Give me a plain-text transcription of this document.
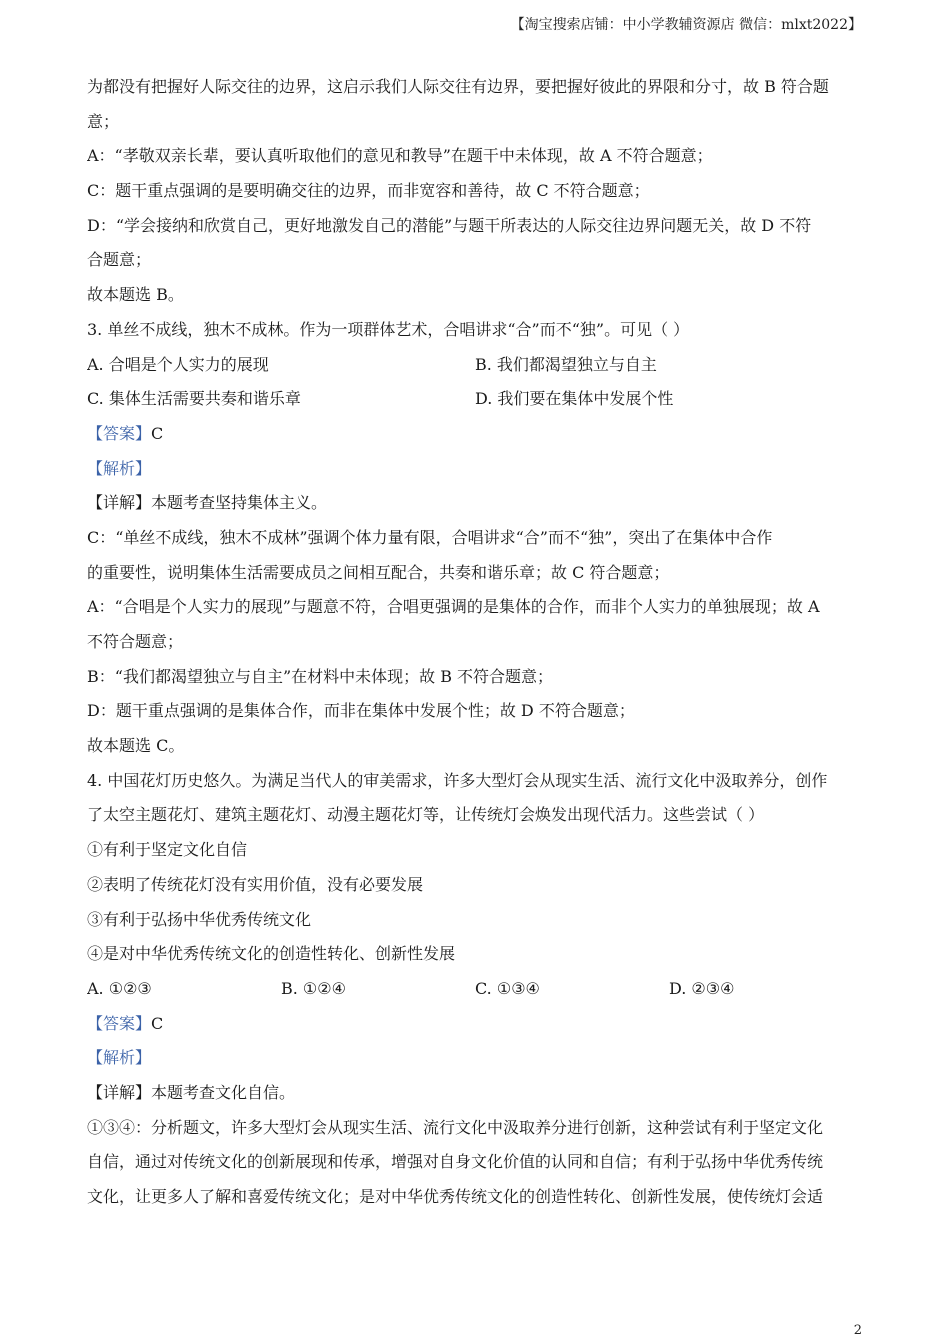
【淘宝搜索店铺：中小学教辅资源店 微信：mlxt2022】
为都没有把握好人际交往的边界，这启示我们人际交往有边界，要把握好彼此的界限和分寸，故 B 符合题
意；
A：“孝敬双亲长辈，要认真听取他们的意见和教导”在题干中未体现，故 A 不符合题意；
C：题干重点强调的是要明确交往的边界，而非宽容和善待，故 C 不符合题意；
D：“学会接纳和欣赏自己，更好地激发自己的潜能”与题干所表达的人际交往边界问题无关，故 D 不符
合题意；
故本题选 B。
3. 单丝不成线，独木不成林。作为一项群体艺术，合唱讲求“合”而不“独”。可见（ ）
A. 合唱是个人实力的展现	B. 我们都渴望独立与自主
C. 集体生活需要共奏和谐乐章	D. 我们要在集体中发展个性
【答案】C
【解析】
【详解】本题考查坚持集体主义。
C：“单丝不成线，独木不成林”强调个体力量有限，合唱讲求“合”而不“独”，突出了在集体中合作
的重要性，说明集体生活需要成员之间相互配合，共奏和谐乐章；故 C 符合题意；
A：“合唱是个人实力的展现”与题意不符，合唱更强调的是集体的合作，而非个人实力的单独展现；故 A
不符合题意；
B：“我们都渴望独立与自主”在材料中未体现；故 B 不符合题意；
D：题干重点强调的是集体合作，而非在集体中发展个性；故 D 不符合题意；
故本题选 C。
4. 中国花灯历史悠久。为满足当代人的审美需求，许多大型灯会从现实生活、流行文化中汲取养分，创作
了太空主题花灯、建筑主题花灯、动漫主题花灯等，让传统灯会焕发出现代活力。这些尝试（ ）
①有利于坚定文化自信
②表明了传统花灯没有实用价值，没有必要发展
③有利于弘扬中华优秀传统文化
④是对中华优秀传统文化的创造性转化、创新性发展
A. ①②③	B. ①②④	C. ①③④	D. ②③④
【答案】C
【解析】
【详解】本题考查文化自信。
①③④：分析题文，许多大型灯会从现实生活、流行文化中汲取养分进行创新，这种尝试有利于坚定文化
自信，通过对传统文化的创新展现和传承，增强对自身文化价值的认同和自信；有利于弘扬中华优秀传统
文化，让更多人了解和喜爱传统文化；是对中华优秀传统文化的创造性转化、创新性发展，使传统灯会适
2
